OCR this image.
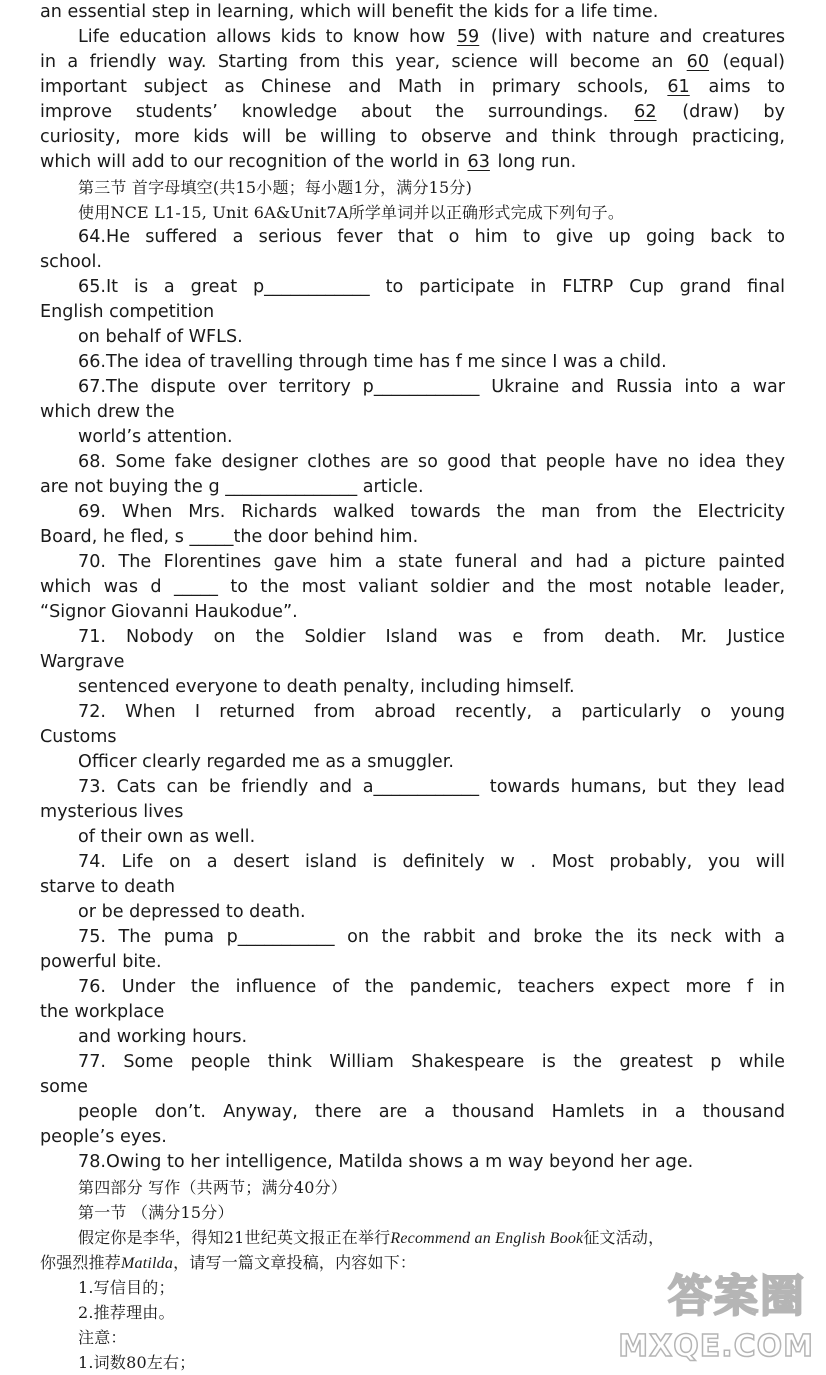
an essential step in learning, which will benefit the kids for a life time.
Life education allows kids to know how 59 (live) with nature and creatures
in a friendly way. Starting from this year, science will become an 60 (equal)
important subject as Chinese and Math in primary schools, 61 aims to
improve students’ knowledge about the surroundings. 62 (draw) by
curiosity, more kids will be willing to observe and think through practicing,
which will add to our recognition of the world in 63 long run.
第三节 首字母填空(共15小题；每小题1分，满分15分)
使用NCE L1-15, Unit 6A&Unit7A所学单词并以正确形式完成下列句子。
64.He suffered a serious fever that o him to give up going back to
school.
65.It is a great p____________ to participate in FLTRP Cup grand final
English competition
on behalf of WFLS.
66.The idea of travelling through time has f me since I was a child.
67.The dispute over territory p____________ Ukraine and Russia into a war
which drew the
world’s attention.
68. Some fake designer clothes are so good that people have no idea they
are not buying the g _______________ article.
69. When Mrs. Richards walked towards the man from the Electricity
Board, he fled, s _____the door behind him.
70. The Florentines gave him a state funeral and had a picture painted
which was d _____ to the most valiant soldier and the most notable leader,
“Signor Giovanni Haukodue”.
71. Nobody on the Soldier Island was e from death. Mr. Justice
Wargrave
sentenced everyone to death penalty, including himself.
72. When I returned from abroad recently, a particularly o young
Customs
Officer clearly regarded me as a smuggler.
73. Cats can be friendly and a____________ towards humans, but they lead
mysterious lives
of their own as well.
74. Life on a desert island is definitely w . Most probably, you will
starve to death
or be depressed to death.
75. The puma p___________ on the rabbit and broke the its neck with a
powerful bite.
76. Under the influence of the pandemic, teachers expect more f in
the workplace
and working hours.
77. Some people think William Shakespeare is the greatest p while
some
people don’t. Anyway, there are a thousand Hamlets in a thousand
people’s eyes.
78.Owing to her intelligence, Matilda shows a m way beyond her age.
第四部分 写作（共两节；满分40分）
第一节 （满分15分）
假定你是李华，得知21世纪英文报正在举行Recommend an English Book征文活动，
你强烈推荐Matilda，请写一篇文章投稿，内容如下：
1.写信目的；
2.推荐理由。
注意：
1.词数80左右；
答案圈
MXQE.COM
